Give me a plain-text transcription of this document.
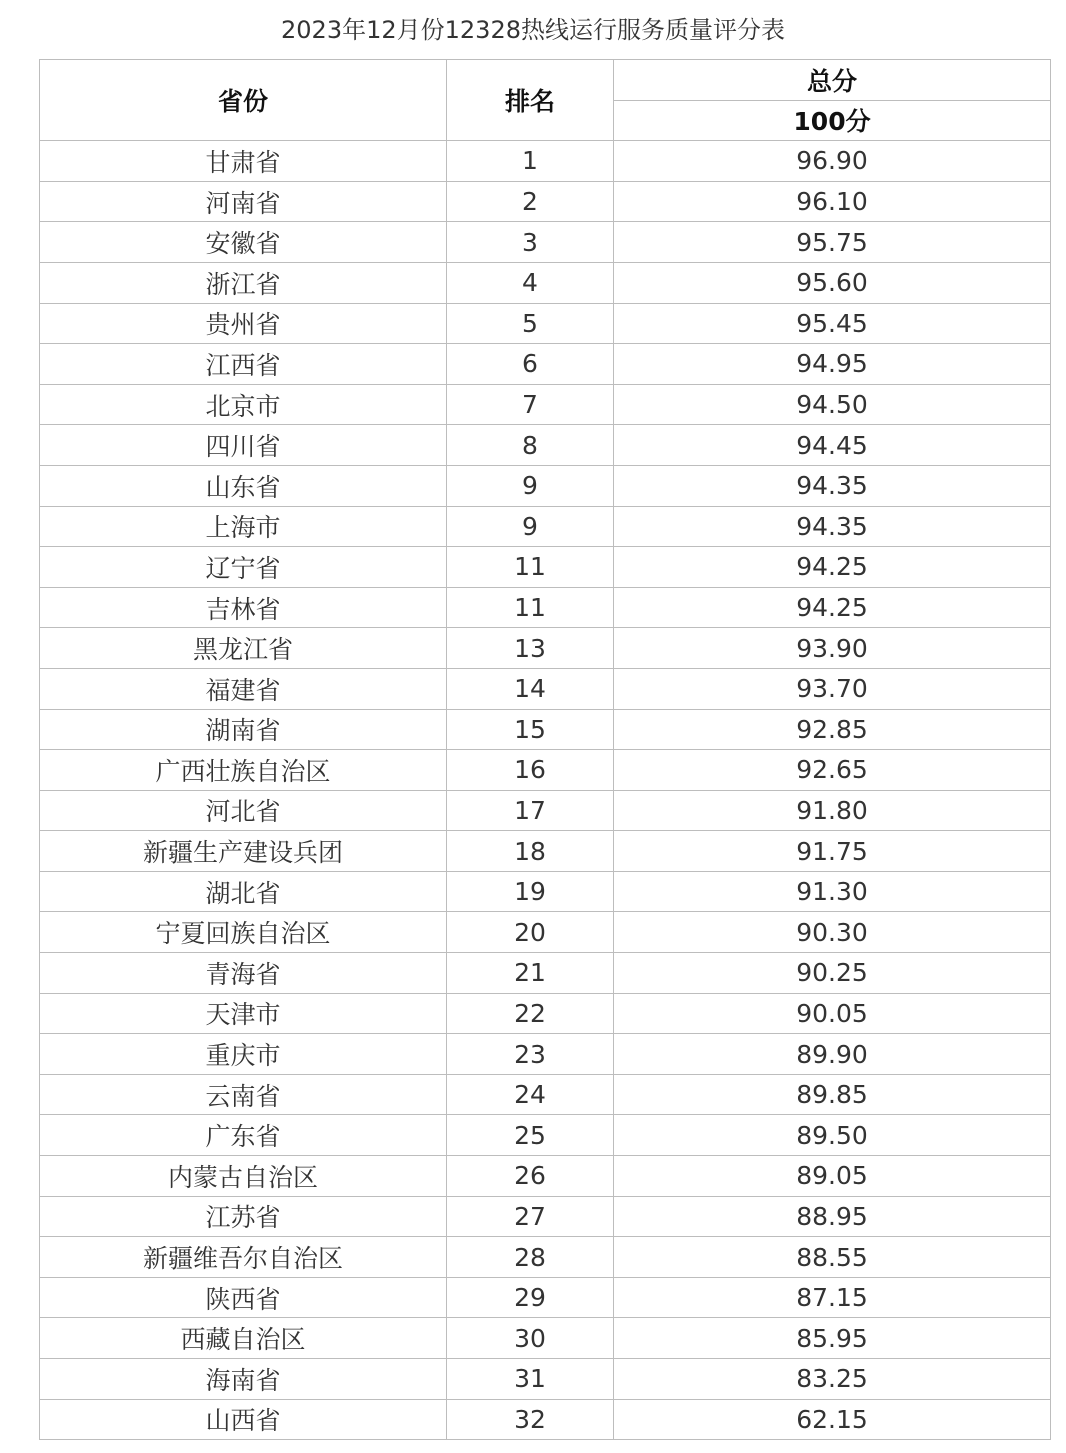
2023年12月份12328热线运行服务质量评分表
省份	排名	总分
		100分
甘肃省	1	96.90
河南省	2	96.10
安徽省	3	95.75
浙江省	4	95.60
贵州省	5	95.45
江西省	6	94.95
北京市	7	94.50
四川省	8	94.45
山东省	9	94.35
上海市	9	94.35
辽宁省	11	94.25
吉林省	11	94.25
黑龙江省	13	93.90
福建省	14	93.70
湖南省	15	92.85
广西壮族自治区	16	92.65
河北省	17	91.80
新疆生产建设兵团	18	91.75
湖北省	19	91.30
宁夏回族自治区	20	90.30
青海省	21	90.25
天津市	22	90.05
重庆市	23	89.90
云南省	24	89.85
广东省	25	89.50
内蒙古自治区	26	89.05
江苏省	27	88.95
新疆维吾尔自治区	28	88.55
陕西省	29	87.15
西藏自治区	30	85.95
海南省	31	83.25
山西省	32	62.15
